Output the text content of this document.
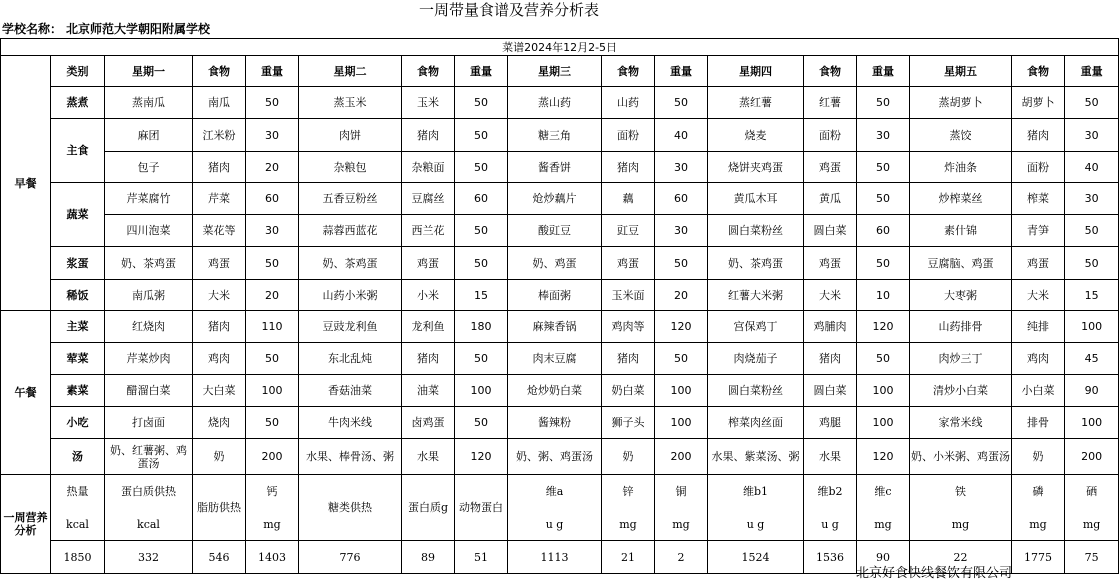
一周带量食谱及营养分析表
学校名称： 北京师范大学朝阳附属学校
菜谱2024年12月2-5日																
早餐	类别	星期一	食物	重量	星期二	食物	重量	星期三	食物	重量	星期四	食物	重量	星期五	食物	重量
	蒸煮	蒸南瓜	南瓜	50	蒸玉米	玉米	50	蒸山药	山药	50	蒸红薯	红薯	50	蒸胡萝卜	胡萝卜	50
	主食	麻团	江米粉	30	肉饼	猪肉	50	糖三角	面粉	40	烧麦	面粉	30	蒸饺	猪肉	30
		包子	猪肉	20	杂粮包	杂粮面	50	酱香饼	猪肉	30	烧饼夹鸡蛋	鸡蛋	50	炸油条	面粉	40
	蔬菜	芹菜腐竹	芹菜	60	五香豆粉丝	豆腐丝	60	炝炒藕片	藕	60	黄瓜木耳	黄瓜	50	炒榨菜丝	榨菜	30
		四川泡菜	菜花等	30	蒜蓉西蓝花	西兰花	50	酸豇豆	豇豆	30	圆白菜粉丝	圆白菜	60	素什锦	青笋	50
	浆蛋	奶、茶鸡蛋	鸡蛋	50	奶、茶鸡蛋	鸡蛋	50	奶、鸡蛋	鸡蛋	50	奶、茶鸡蛋	鸡蛋	50	豆腐脑、鸡蛋	鸡蛋	50
	稀饭	南瓜粥	大米	20	山药小米粥	小米	15	棒面粥	玉米面	20	红薯大米粥	大米	10	大枣粥	大米	15
午餐	主菜	红烧肉	猪肉	110	豆豉龙利鱼	龙利鱼	180	麻辣香锅	鸡肉等	120	宫保鸡丁	鸡脯肉	120	山药排骨	纯排	100
	荤菜	芹菜炒肉	鸡肉	50	东北乱炖	猪肉	50	肉末豆腐	猪肉	50	肉烧茄子	猪肉	50	肉炒三丁	鸡肉	45
	素菜	醋溜白菜	大白菜	100	香菇油菜	油菜	100	炝炒奶白菜	奶白菜	100	圆白菜粉丝	圆白菜	100	清炒小白菜	小白菜	90
	小吃	打卤面	烧肉	50	牛肉米线	卤鸡蛋	50	酱辣粉	狮子头	100	榨菜肉丝面	鸡腿	100	家常米线	排骨	100
	汤	奶、红薯粥、鸡蛋汤	奶	200	水果、棒骨汤、粥	水果	120	奶、粥、鸡蛋汤	奶	200	水果、紫菜汤、粥	水果	120	奶、小米粥、鸡蛋汤	奶	200
一周营养分析	热量	蛋白质供热	脂肪供热	钙	糖类供热	蛋白质g	动物蛋白	维a	锌	铜	维b1	维b2	维c	铁	磷	硒
	kcal	kcal		mg				u g	mg	mg	u g	u g	mg	mg	mg	mg
	1850	332	546	1403	776	89	51	1113	21	2	1524	1536	90	22	1775	75
北京好食快线餐饮有限公司
